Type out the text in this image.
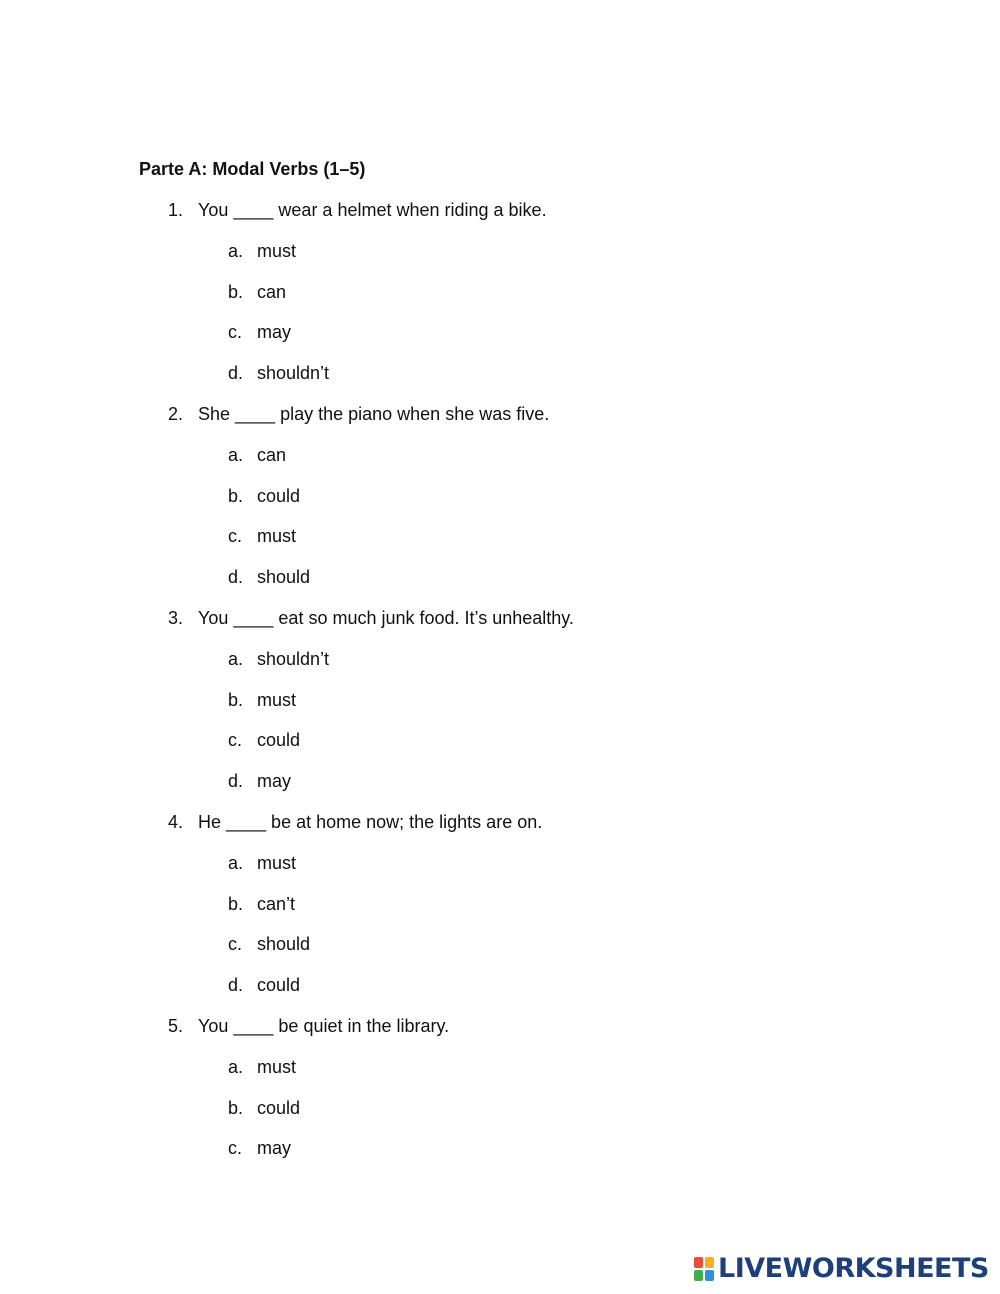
Parte A: Modal Verbs (1–5)
1. You ____ wear a helmet when riding a bike.
a. must
b. can
c. may
d. shouldn’t
2. She ____ play the piano when she was five.
a. can
b. could
c. must
d. should
3. You ____ eat so much junk food. It’s unhealthy.
a. shouldn’t
b. must
c. could
d. may
4. He ____ be at home now; the lights are on.
a. must
b. can’t
c. should
d. could
5. You ____ be quiet in the library.
a. must
b. could
c. may
LIVEWORKSHEETS
